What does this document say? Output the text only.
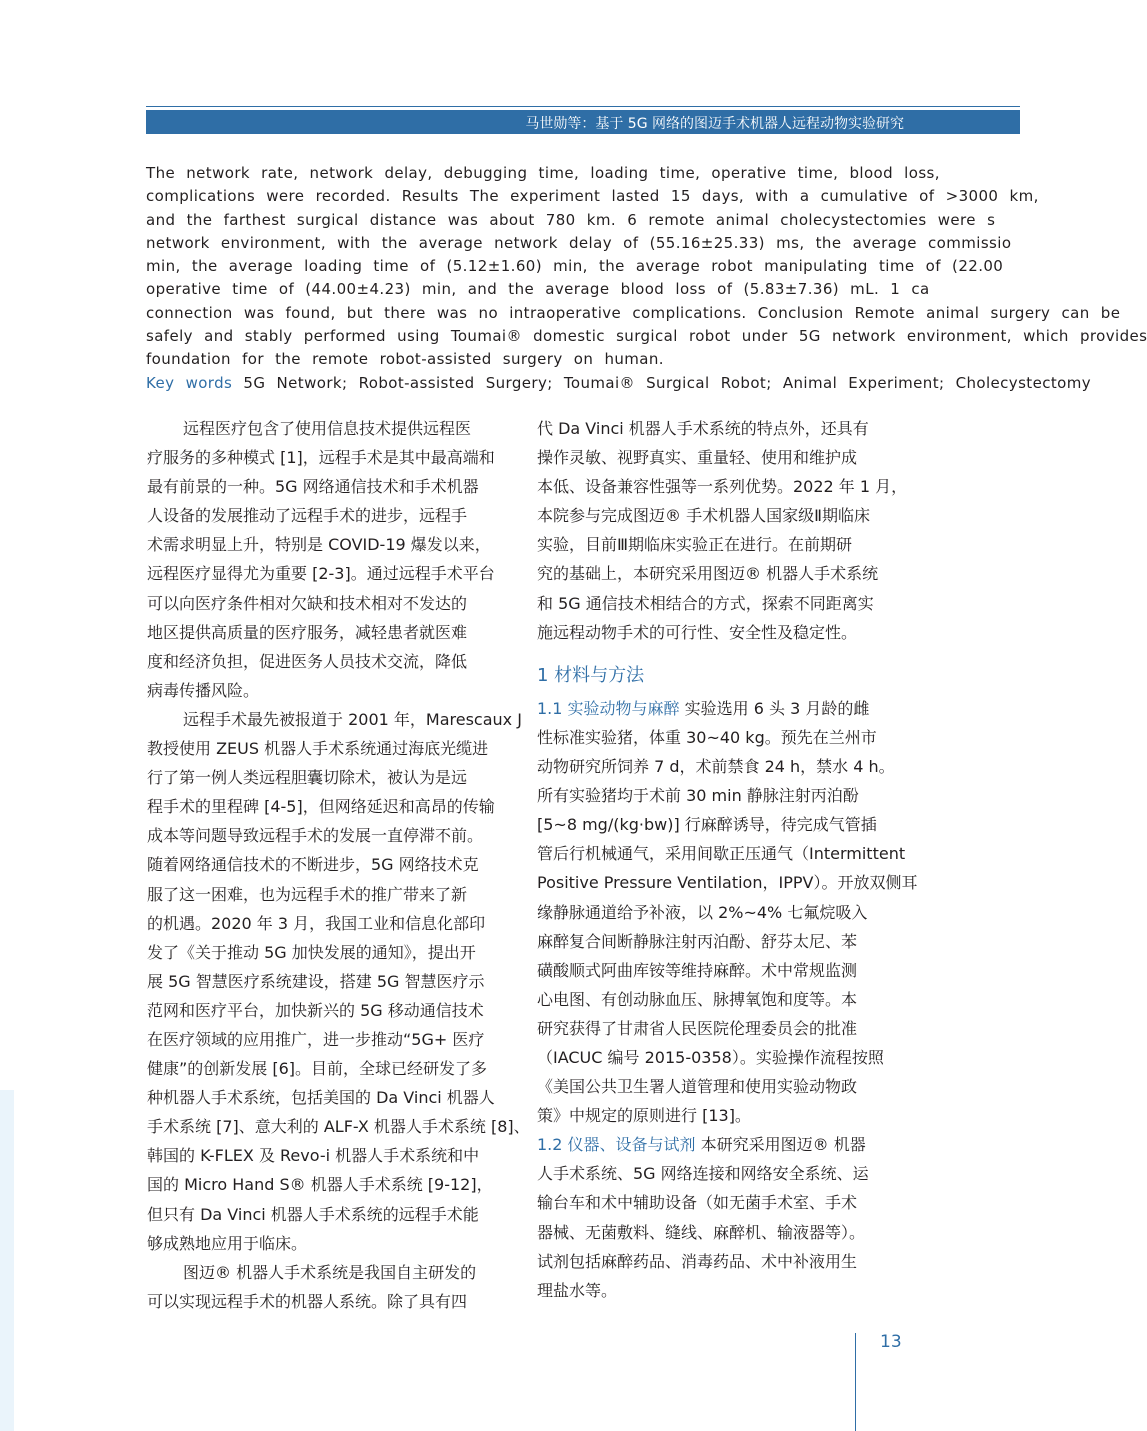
马世勋等：基于 5G 网络的图迈手术机器人远程动物实验研究
The network rate, network delay, debugging time, loading time, operative time, blood loss,
complications were recorded. Results The experiment lasted 15 days, with a cumulative of >3000 km,
and the farthest surgical distance was about 780 km. 6 remote animal cholecystectomies were s
network environment, with the average network delay of (55.16±25.33) ms, the average commissio
min, the average loading time of (5.12±1.60) min, the average robot manipulating time of (22.00
operative time of (44.00±4.23) min, and the average blood loss of (5.83±7.36) mL. 1 ca
connection was found, but there was no intraoperative complications. Conclusion Remote animal surgery can be
safely and stably performed using Toumai® domestic surgical robot under 5G network environment, which provides
foundation for the remote robot-assisted surgery on human.
Key words 5G Network; Robot-assisted Surgery; Toumai® Surgical Robot; Animal Experiment; Cholecystectomy
远程医疗包含了使用信息技术提供远程医
疗服务的多种模式 [1]，远程手术是其中最高端和
最有前景的一种。5G 网络通信技术和手术机器
人设备的发展推动了远程手术的进步，远程手
术需求明显上升，特别是 COVID-19 爆发以来，
远程医疗显得尤为重要 [2-3]。通过远程手术平台
可以向医疗条件相对欠缺和技术相对不发达的
地区提供高质量的医疗服务，减轻患者就医难
度和经济负担，促进医务人员技术交流，降低
病毒传播风险。
远程手术最先被报道于 2001 年，Marescaux J
教授使用 ZEUS 机器人手术系统通过海底光缆进
行了第一例人类远程胆囊切除术，被认为是远
程手术的里程碑 [4-5]，但网络延迟和高昂的传输
成本等问题导致远程手术的发展一直停滞不前。
随着网络通信技术的不断进步，5G 网络技术克
服了这一困难，也为远程手术的推广带来了新
的机遇。2020 年 3 月，我国工业和信息化部印
发了《关于推动 5G 加快发展的通知》，提出开
展 5G 智慧医疗系统建设，搭建 5G 智慧医疗示
范网和医疗平台，加快新兴的 5G 移动通信技术
在医疗领域的应用推广，进一步推动“5G+ 医疗
健康”的创新发展 [6]。目前，全球已经研发了多
种机器人手术系统，包括美国的 Da Vinci 机器人
手术系统 [7]、意大利的 ALF-X 机器人手术系统 [8]、
韩国的 K-FLEX 及 Revo-i 机器人手术系统和中
国的 Micro Hand S® 机器人手术系统 [9-12]，
但只有 Da Vinci 机器人手术系统的远程手术能
够成熟地应用于临床。
图迈® 机器人手术系统是我国自主研发的
可以实现远程手术的机器人系统。除了具有四
代 Da Vinci 机器人手术系统的特点外，还具有
操作灵敏、视野真实、重量轻、使用和维护成
本低、设备兼容性强等一系列优势。2022 年 1 月，
本院参与完成图迈® 手术机器人国家级Ⅱ期临床
实验，目前Ⅲ期临床实验正在进行。在前期研
究的基础上，本研究采用图迈® 机器人手术系统
和 5G 通信技术相结合的方式，探索不同距离实
施远程动物手术的可行性、安全性及稳定性。
1 材料与方法
1.1 实验动物与麻醉 实验选用 6 头 3 月龄的雌
性标准实验猪，体重 30~40 kg。预先在兰州市
动物研究所饲养 7 d，术前禁食 24 h，禁水 4 h。
所有实验猪均于术前 30 min 静脉注射丙泊酚
[5~8 mg/(kg·bw)] 行麻醉诱导，待完成气管插
管后行机械通气，采用间歇正压通气（Intermittent
Positive Pressure Ventilation，IPPV）。开放双侧耳
缘静脉通道给予补液，以 2%~4% 七氟烷吸入
麻醉复合间断静脉注射丙泊酚、舒芬太尼、苯
磺酸顺式阿曲库铵等维持麻醉。术中常规监测
心电图、有创动脉血压、脉搏氧饱和度等。本
研究获得了甘肃省人民医院伦理委员会的批准
（IACUC 编号 2015-0358）。实验操作流程按照
《美国公共卫生署人道管理和使用实验动物政
策》中规定的原则进行 [13]。
1.2 仪器、设备与试剂 本研究采用图迈® 机器
人手术系统、5G 网络连接和网络安全系统、运
输台车和术中辅助设备（如无菌手术室、手术
器械、无菌敷料、缝线、麻醉机、输液器等）。
试剂包括麻醉药品、消毒药品、术中补液用生
理盐水等。
13
